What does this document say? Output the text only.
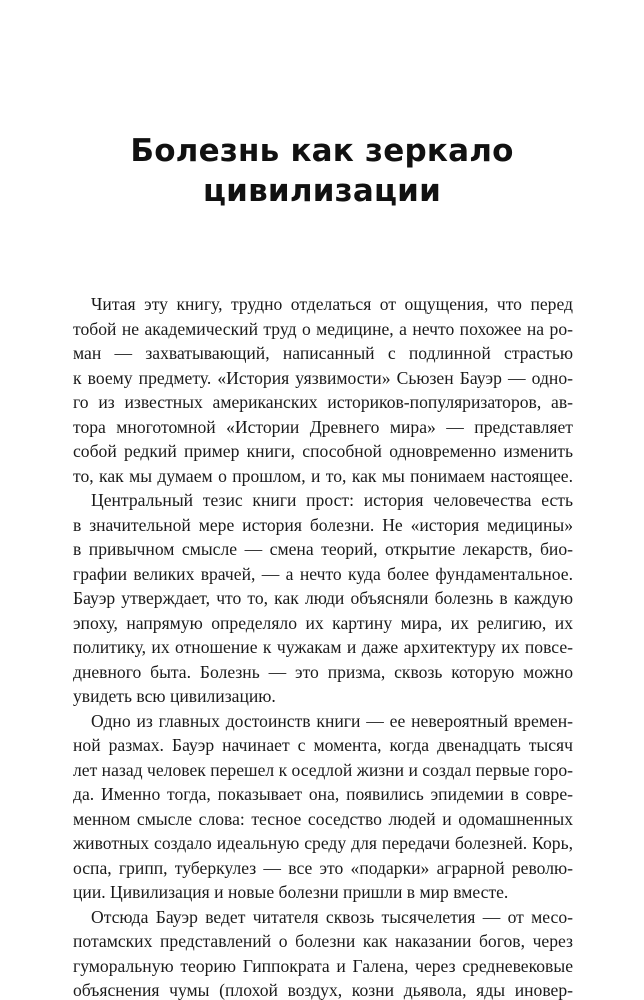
Болезнь как зеркало
цивилизации
Читая эту книгу, трудно отделаться от ощущения, что перед
тобой не академический труд о медицине, а нечто похожее на ро-
ман — захватывающий, написанный с подлинной страстью
к воему предмету. «История уязвимости» Сьюзен Бауэр — одно-
го из известных американских историков-популяризаторов, ав-
тора многотомной «Истории Древнего мира» — представляет
собой редкий пример книги, способной одновременно изменить
то, как мы думаем о прошлом, и то, как мы понимаем настоящее.
Центральный тезис книги прост: история человечества есть
в значительной мере история болезни. Не «история медицины»
в привычном смысле — смена теорий, открытие лекарств, био-
графии великих врачей, — а нечто куда более фундаментальное.
Бауэр утверждает, что то, как люди объясняли болезнь в каждую
эпоху, напрямую определяло их картину мира, их религию, их
политику, их отношение к чужакам и даже архитектуру их повсе-
дневного быта. Болезнь — это призма, сквозь которую можно
увидеть всю цивилизацию.
Одно из главных достоинств книги — ее невероятный времен-
ной размах. Бауэр начинает с момента, когда двенадцать тысяч
лет назад человек перешел к оседлой жизни и создал первые горо-
да. Именно тогда, показывает она, появились эпидемии в совре-
менном смысле слова: тесное соседство людей и одомашненных
животных создало идеальную среду для передачи болезней. Корь,
оспа, грипп, туберкулез — все это «подарки» аграрной револю-
ции. Цивилизация и новые болезни пришли в мир вместе.
Отсюда Бауэр ведет читателя сквозь тысячелетия — от месо-
потамских представлений о болезни как наказании богов, через
гуморальную теорию Гиппократа и Галена, через средневековые
объяснения чумы (плохой воздух, козни дьявола, яды иновер-
